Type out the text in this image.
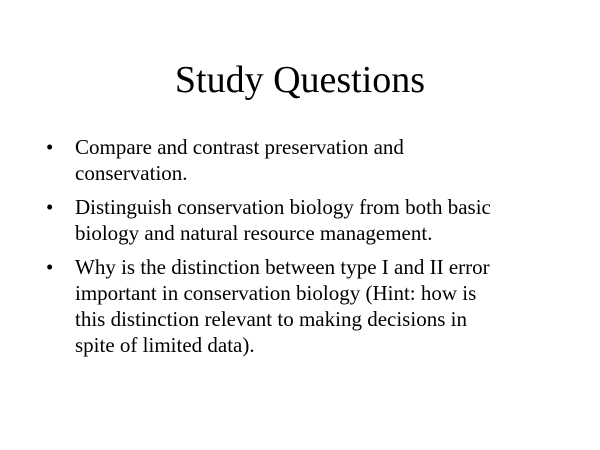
Study Questions
• Compare and contrast preservation and
conservation.
• Distinguish conservation biology from both basic
biology and natural resource management.
• Why is the distinction between type I and II error
important in conservation biology (Hint: how is
this distinction relevant to making decisions in
spite of limited data).
